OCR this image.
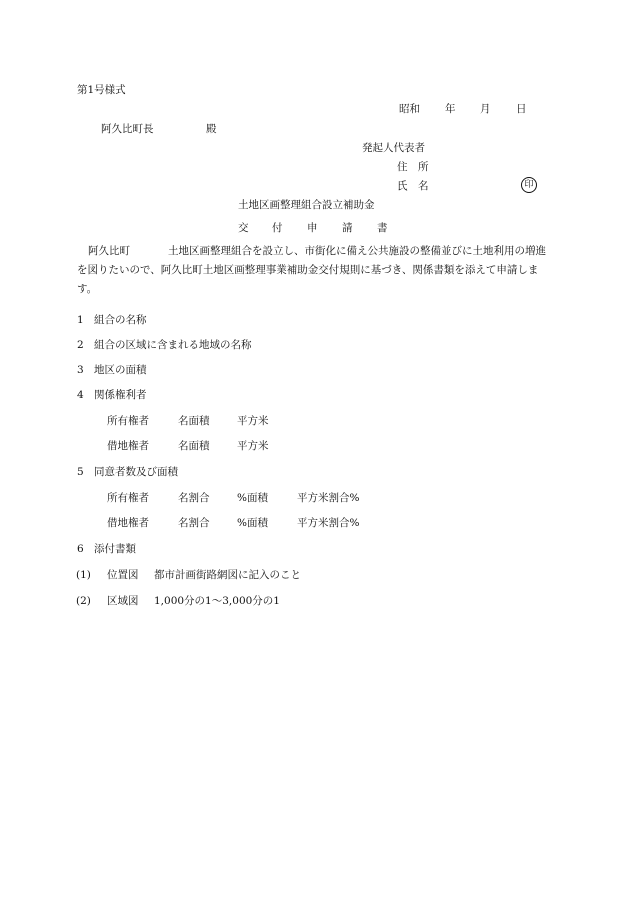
第1号様式
昭和 年 月 日
阿久比町長	殿
発起人代表者
住　所
氏　名	印
土地区画整理組合設立補助金
交 付 申 請 書
阿久比町	土地区画整理組合を設立し、市街化に備え公共施設の整備並びに土地利用の増進を図りたいので、阿久比町土地区画整理事業補助金交付規則に基づき、関係書類を添えて申請します。
1 組合の名称
2 組合の区域に含まれる地域の名称
3 地区の面積
4 関係権利者
所有権者	名面積	平方米
借地権者	名面積	平方米
5 同意者数及び面積
所有権者	名割合	%面積	平方米割合%
借地権者	名割合	%面積	平方米割合%
6 添付書類
(1) 位置図 都市計画街路網図に記入のこと
(2) 区域図 1,000分の1〜3,000分の1
